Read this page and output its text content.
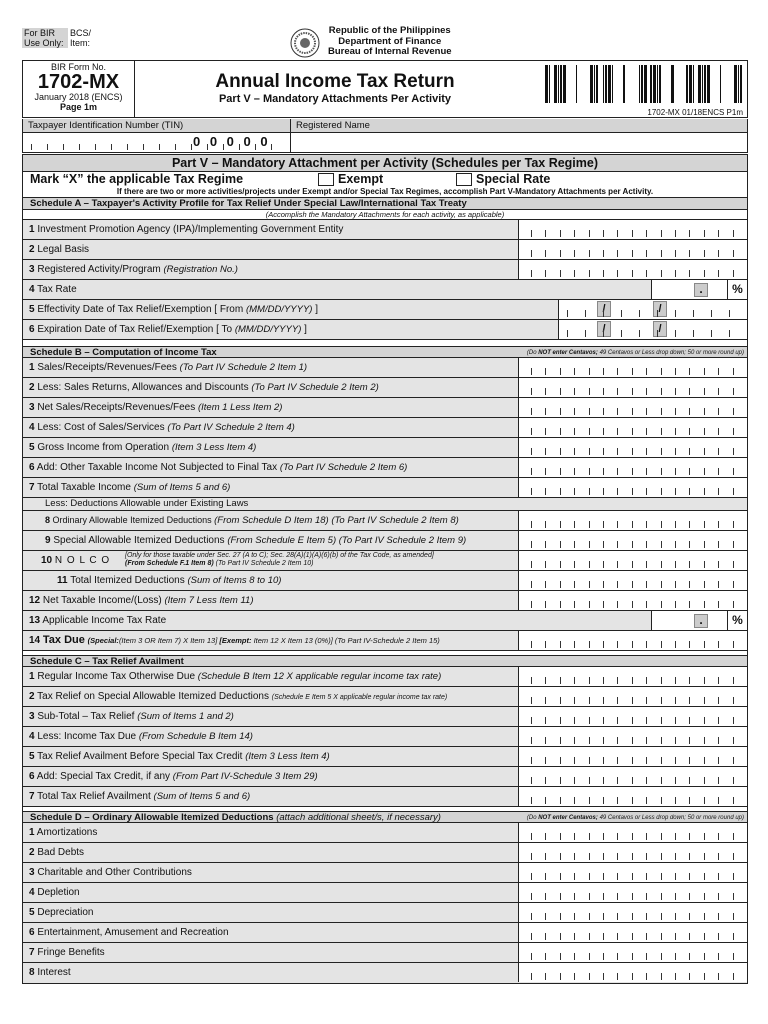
For BIR BCS/
Use Only: Item:
Republic of the Philippines
Department of Finance
Bureau of Internal Revenue
BIR Form No.
1702-MX
January 2018 (ENCS)
Page 1m
Annual Income Tax Return
Part V – Mandatory Attachments Per Activity
1702-MX 01/18ENCS P1m
Taxpayer Identification Number (TIN)
0 0 0 0 0
Registered Name
Part V – Mandatory Attachment per Activity (Schedules per Tax Regime)
Mark “X” the applicable Tax Regime	Exempt	Special Rate
If there are two or more activities/projects under Exempt and/or Special Tax Regimes, accomplish Part V-Mandatory Attachments per Activity.
Schedule A – Taxpayer's Activity Profile for Tax Relief Under Special Law/International Tax Treaty
(Accomplish the Mandatory Attachments for each activity, as applicable)
1 Investment Promotion Agency (IPA)/Implementing Government Entity
2 Legal Basis
3 Registered Activity/Program (Registration No.)
4 Tax Rate	.	%
5 Effectivity Date of Tax Relief/Exemption [ From (MM/DD/YYYY) ]	/	/
6 Expiration Date of Tax Relief/Exemption [ To (MM/DD/YYYY) ]	/	/
Schedule B – Computation of Income Tax	(Do NOT enter Centavos; 49 Centavos or Less drop down; 50 or more round up)
1 Sales/Receipts/Revenues/Fees (To Part IV Schedule 2 Item 1)
2 Less: Sales Returns, Allowances and Discounts (To Part IV Schedule 2 Item 2)
3 Net Sales/Receipts/Revenues/Fees (Item 1 Less Item 2)
4 Less: Cost of Sales/Services (To Part IV Schedule 2 Item 4)
5 Gross Income from Operation (Item 3 Less Item 4)
6 Add: Other Taxable Income Not Subjected to Final Tax (To Part IV Schedule 2 Item 6)
7 Total Taxable Income (Sum of Items 5 and 6)
Less: Deductions Allowable under Existing Laws
8 Ordinary Allowable Itemized Deductions (From Schedule D Item 18) (To Part IV Schedule 2 Item 8)
9 Special Allowable Itemized Deductions (From Schedule E Item 5) (To Part IV Schedule 2 Item 9)
10 N O L C O [Only for those taxable under Sec. 27 (A to C); Sec. 28(A)(1)(A)(6)(b) of the Tax Code, as amended]
(From Schedule F.1 Item 8) (To Part IV Schedule 2 Item 10)
11 Total Itemized Deductions (Sum of Items 8 to 10)
12 Net Taxable Income/(Loss) (Item 7 Less Item 11)
13 Applicable Income Tax Rate	.	%
14 Tax Due (Special:(Item 3 OR Item 7) X Item 13] [Exempt: Item 12 X Item 13 (0%)] (To Part IV-Schedule 2 Item 15)
Schedule C – Tax Relief Availment
1 Regular Income Tax Otherwise Due (Schedule B Item 12 X applicable regular income tax rate)
2 Tax Relief on Special Allowable Itemized Deductions (Schedule E Item 5 X applicable regular income tax rate)
3 Sub-Total – Tax Relief (Sum of Items 1 and 2)
4 Less: Income Tax Due (From Schedule B Item 14)
5 Tax Relief Availment Before Special Tax Credit (Item 3 Less Item 4)
6 Add: Special Tax Credit, if any (From Part IV-Schedule 3 Item 29)
7 Total Tax Relief Availment (Sum of Items 5 and 6)
Schedule D – Ordinary Allowable Itemized Deductions (attach additional sheet/s, if necessary)	(Do NOT enter Centavos; 49 Centavos or Less drop down; 50 or more round up)
1 Amortizations
2 Bad Debts
3 Charitable and Other Contributions
4 Depletion
5 Depreciation
6 Entertainment, Amusement and Recreation
7 Fringe Benefits
8 Interest
